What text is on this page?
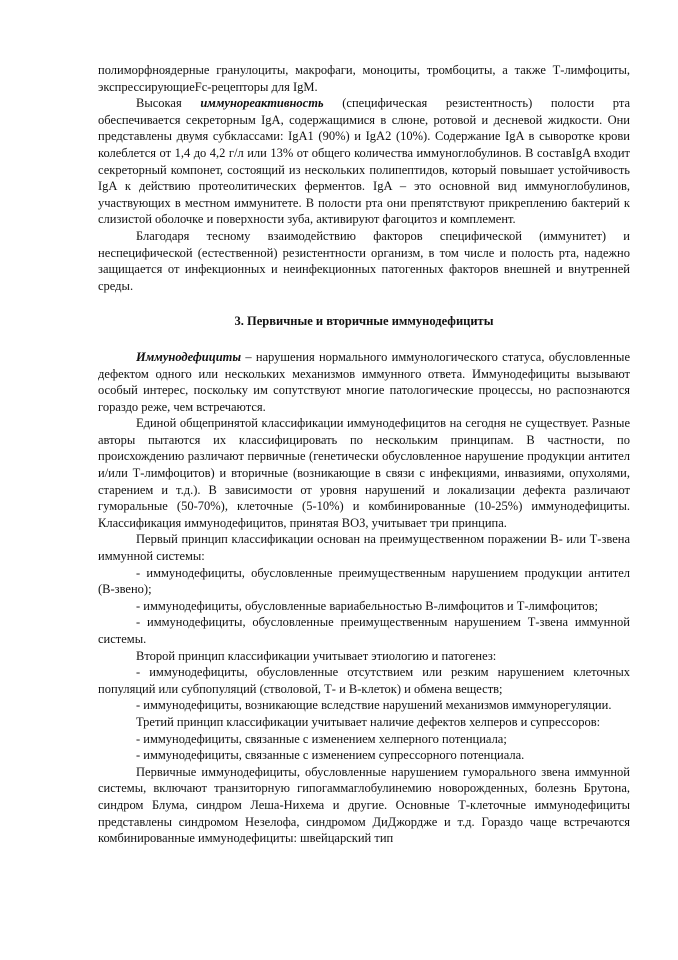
полиморфноядерные гранулоциты, макрофаги, моноциты, тромбоциты, а также Т-лимфоциты, экспрессирующиеFc-рецепторы для IgM.

Высокая иммунореактивность (специфическая резистентность) полости рта обеспечивается секреторным IgA, содержащимися в слюне, ротовой и десневой жидкости. Они представлены двумя субклассами: IgA1 (90%) и IgA2 (10%). Содержание IgA в сыворотке крови колеблется от 1,4 до 4,2 г/л или 13% от общего количества иммуноглобулинов. В составIgA входит секреторный компонет, состоящий из нескольких полипептидов, который повышает устойчивость IgA к действию протеолитических ферментов. IgA – это основной вид иммуноглобулинов, участвующих в местном иммунитете. В полости рта они препятствуют прикреплению бактерий к слизистой оболочке и поверхности зуба, активируют фагоцитоз и комплемент.

Благодаря тесному взаимодействию факторов специфической (иммунитет) и неспецифической (естественной) резистентности организм, в том числе и полость рта, надежно защищается от инфекционных и неинфекционных патогенных факторов внешней и внутренней среды.

3. Первичные и вторичные иммунодефициты

Иммунодефициты – нарушения нормального иммунологического статуса, обусловленные дефектом одного или нескольких механизмов иммунного ответа. Иммунодефициты вызывают особый интерес, поскольку им сопутствуют многие патологические процессы, но распознаются гораздо реже, чем встречаются.

Единой общепринятой классификации иммунодефицитов на сегодня не существует. Разные авторы пытаются их классифицировать по нескольким принципам. В частности, по происхождению различают первичные (генетически обусловленное нарушение продукции антител и/или Т-лимфоцитов) и вторичные (возникающие в связи с инфекциями, инвазиями, опухолями, старением и т.д.). В зависимости от уровня нарушений и локализации дефекта различают гуморальные (50-70%), клеточные (5-10%) и комбинированные (10-25%) иммунодефициты. Классификация иммунодефицитов, принятая ВОЗ, учитывает три принципа.

Первый принцип классификации основан на преимущественном поражении В- или Т-звена иммунной системы:

- иммунодефициты, обусловленные преимущественным нарушением продукции антител (В-звено);

- иммунодефициты, обусловленные вариабельностью В-лимфоцитов и Т-лимфоцитов;

- иммунодефициты, обусловленные преимущественным нарушением Т-звена иммунной системы.

Второй принцип классификации учитывает этиологию и патогенез:

- иммунодефициты, обусловленные отсутствием или резким нарушением клеточных популяций или субпопуляций (стволовой, Т- и В-клеток) и обмена веществ;

- иммунодефициты, возникающие вследствие нарушений механизмов иммунорегуляции.

Третий принцип классификации учитывает наличие дефектов хелперов и супрессоров:

- иммунодефициты, связанные с изменением хелперного потенциала;

- иммунодефициты, связанные с изменением супрессорного потенциала.

Первичные иммунодефициты, обусловленные нарушением гуморального звена иммунной системы, включают транзиторную гипогаммаглобулинемию новорожденных, болезнь Брутона, синдром Блума, синдром Леша-Нихема и другие. Основные Т-клеточные иммунодефициты представлены синдромом Незелофа, синдромом ДиДжордже и т.д. Гораздо чаще встречаются комбинированные иммунодефициты: швейцарский тип
